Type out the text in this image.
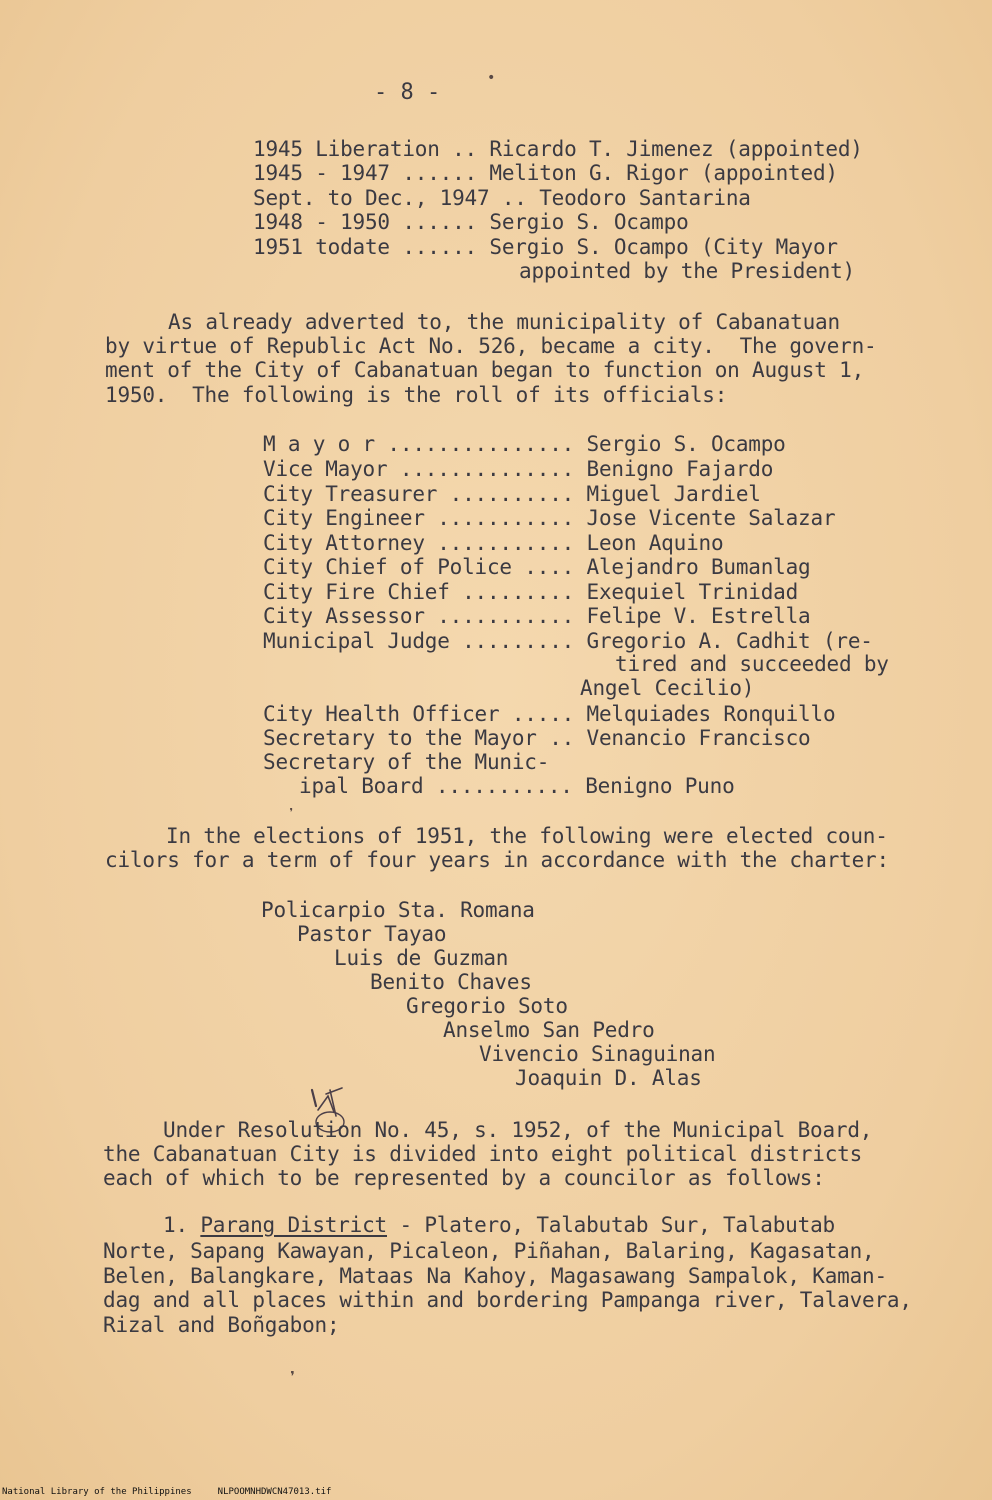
- 8 -
•
1945 Liberation .. Ricardo T. Jimenez (appointed)
1945 - 1947 ...... Meliton G. Rigor (appointed)
Sept. to Dec., 1947 .. Teodoro Santarina
1948 - 1950 ...... Sergio S. Ocampo
1951 todate ...... Sergio S. Ocampo (City Mayor
appointed by the President)
As already adverted to, the municipality of Cabanatuan
by virtue of Republic Act No. 526, became a city.  The govern-
ment of the City of Cabanatuan began to function on August 1,
1950.  The following is the roll of its officials:
M a y o r ............... Sergio S. Ocampo
Vice Mayor .............. Benigno Fajardo
City Treasurer .......... Miguel Jardiel
City Engineer ........... Jose Vicente Salazar
City Attorney ........... Leon Aquino
City Chief of Police .... Alejandro Bumanlag
City Fire Chief ......... Exequiel Trinidad
City Assessor ........... Felipe V. Estrella
Municipal Judge ......... Gregorio A. Cadhit (re-
tired and succeeded by
Angel Cecilio)
City Health Officer ..... Melquiades Ronquillo
Secretary to the Mayor .. Venancio Francisco
Secretary of the Munic-
ipal Board ........... Benigno Puno
❜
In the elections of 1951, the following were elected coun-
cilors for a term of four years in accordance with the charter:
Policarpio Sta. Romana
Pastor Tayao
Luis de Guzman
Benito Chaves
Gregorio Soto
Anselmo San Pedro
Vivencio Sinaguinan
Joaquin D. Alas
Under Resolution No. 45, s. 1952, of the Municipal Board,
the Cabanatuan City is divided into eight political districts
each of which to be represented by a councilor as follows:
1. Parang District - Platero, Talabutab Sur, Talabutab
Norte, Sapang Kawayan, Picaleon, Piñahan, Balaring, Kagasatan,
Belen, Balangkare, Mataas Na Kahoy, Magasawang Sampalok, Kaman-
dag and all places within and bordering Pampanga river, Talavera,
Rizal and Boñgabon;
❜
National Library of the Philippines	NLPOOMNHDWCN47013.tif
